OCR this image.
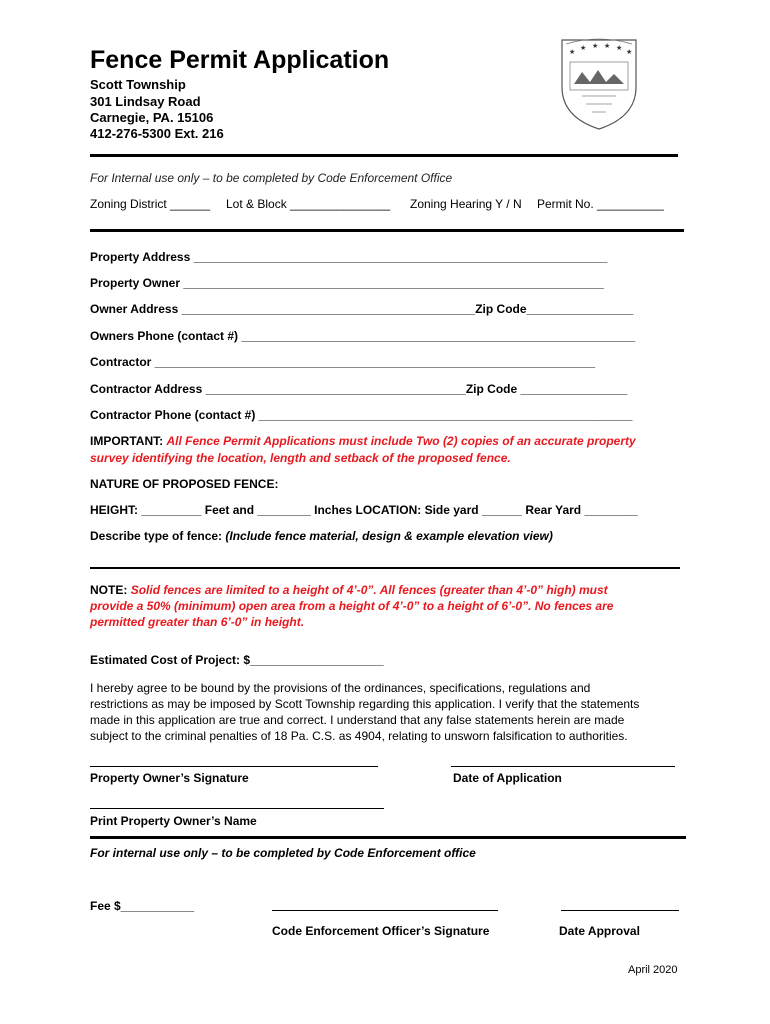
Fence Permit Application
Scott Township
301 Lindsay Road
Carnegie, PA. 15106
412-276-5300 Ext. 216
★ ★ ★ ★ ★ ★
For Internal use only – to be completed by Code Enforcement Office
Zoning District ______ Lot & Block _______________ Zoning Hearing Y / N Permit No. __________
Property Address ______________________________________________________________
Property Owner _______________________________________________________________
Owner Address ____________________________________________Zip Code________________
Owners Phone (contact #) ___________________________________________________________
Contractor __________________________________________________________________
Contractor Address _______________________________________Zip Code ________________
Contractor Phone (contact #) ________________________________________________________
IMPORTANT: All Fence Permit Applications must include Two (2) copies of an accurate property
survey identifying the location, length and setback of the proposed fence.
NATURE OF PROPOSED FENCE:
HEIGHT: _________ Feet and ________ Inches LOCATION: Side yard ______ Rear Yard ________
Describe type of fence: (Include fence material, design & example elevation view)
NOTE: Solid fences are limited to a height of 4’-0”. All fences (greater than 4’-0” high) must
provide a 50% (minimum) open area from a height of 4’-0” to a height of 6’-0”. No fences are
permitted greater than 6’-0” in height.
Estimated Cost of Project: $____________________
I hereby agree to be bound by the provisions of the ordinances, specifications, regulations and
restrictions as may be imposed by Scott Township regarding this application. I verify that the statements
made in this application are true and correct. I understand that any false statements herein are made
subject to the criminal penalties of 18 Pa. C.S. as 4904, relating to unsworn falsification to authorities.
Property Owner’s Signature	Date of Application
Print Property Owner’s Name
For internal use only – to be completed by Code Enforcement office
Fee $___________
Code Enforcement Officer’s Signature	Date Approval
April 2020
